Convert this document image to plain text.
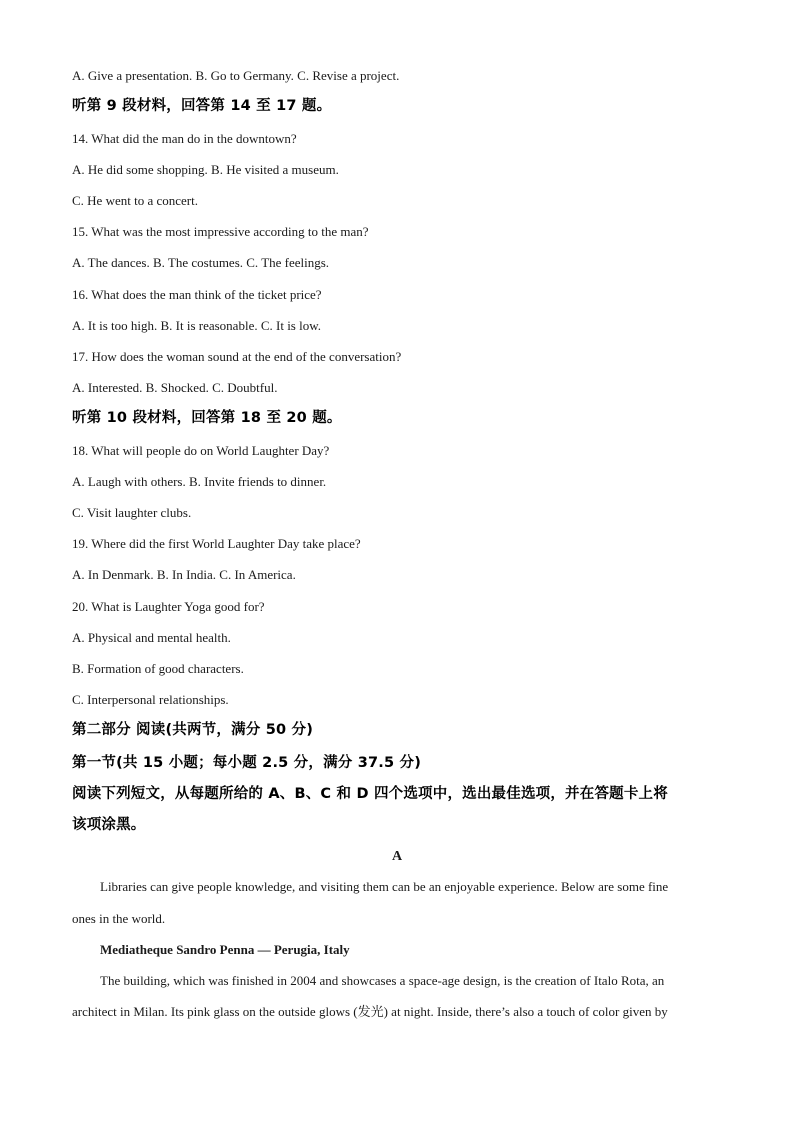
A. Give a presentation. B. Go to Germany. C. Revise a project.
听第 9 段材料，回答第 14 至 17 题。
14. What did the man do in the downtown?
A. He did some shopping. B. He visited a museum.
C. He went to a concert.
15. What was the most impressive according to the man?
A. The dances. B. The costumes. C. The feelings.
16. What does the man think of the ticket price?
A. It is too high. B. It is reasonable. C. It is low.
17. How does the woman sound at the end of the conversation?
A. Interested. B. Shocked. C. Doubtful.
听第 10 段材料，回答第 18 至 20 题。
18. What will people do on World Laughter Day?
A. Laugh with others. B. Invite friends to dinner.
C. Visit laughter clubs.
19. Where did the first World Laughter Day take place?
A. In Denmark. B. In India. C. In America.
20. What is Laughter Yoga good for?
A. Physical and mental health.
B. Formation of good characters.
C. Interpersonal relationships.
第二部分 阅读(共两节，满分 50 分)
第一节(共 15 小题；每小题 2.5 分，满分 37.5 分)
阅读下列短文，从每题所给的 A、B、C 和 D 四个选项中，选出最佳选项，并在答题卡上将
该项涂黑。
A
Libraries can give people knowledge, and visiting them can be an enjoyable experience. Below are some fine
ones in the world.
Mediatheque Sandro Penna — Perugia, Italy
The building, which was finished in 2004 and showcases a space-age design, is the creation of Italo Rota, an
architect in Milan. Its pink glass on the outside glows (发光) at night. Inside, there’s also a touch of color given by
